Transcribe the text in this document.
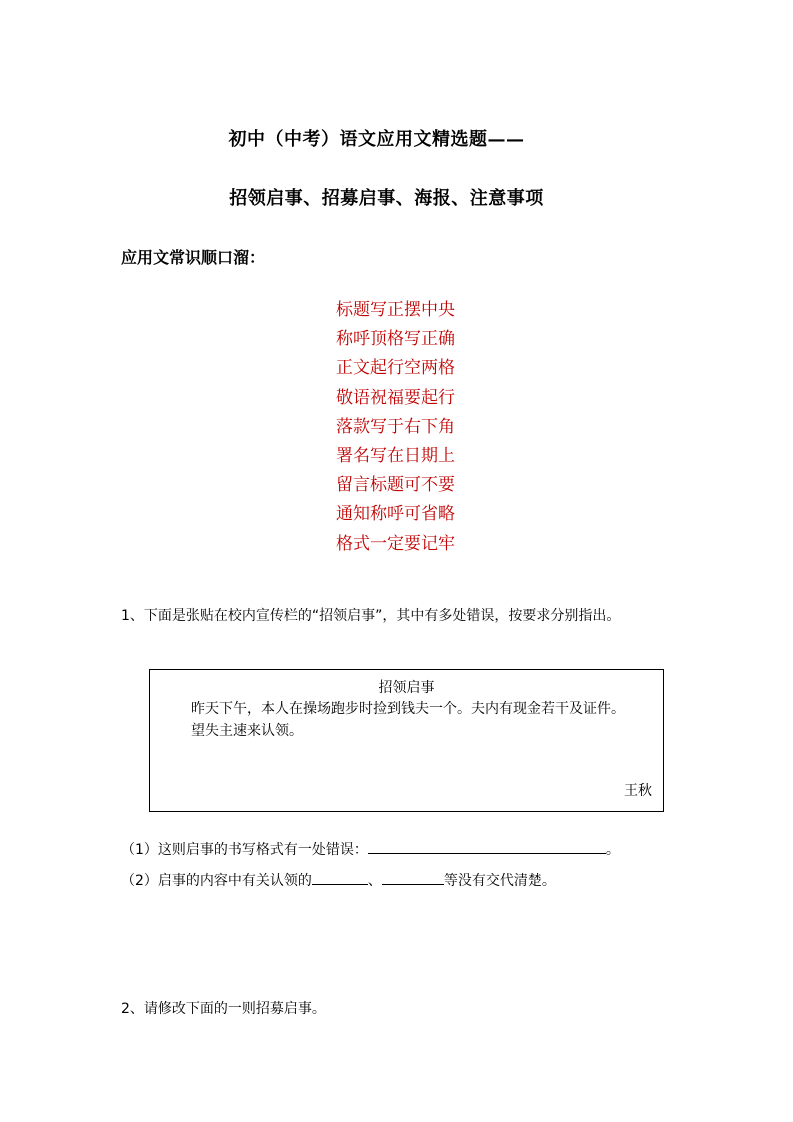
初中（中考）语文应用文精选题——
招领启事、招募启事、海报、注意事项
应用文常识顺口溜：
标题写正摆中央
称呼顶格写正确
正文起行空两格
敬语祝福要起行
落款写于右下角
署名写在日期上
留言标题可不要
通知称呼可省略
格式一定要记牢
1、下面是张贴在校内宣传栏的“招领启事”，其中有多处错误，按要求分别指出。
招领启事
昨天下午，本人在操场跑步时捡到钱夫一个。夫内有现金若干及证件。
望失主速来认领。
王秋
（1）这则启事的书写格式有一处错误：	。
（2）启事的内容中有关认领的	、	等没有交代清楚。
2、请修改下面的一则招募启事。
